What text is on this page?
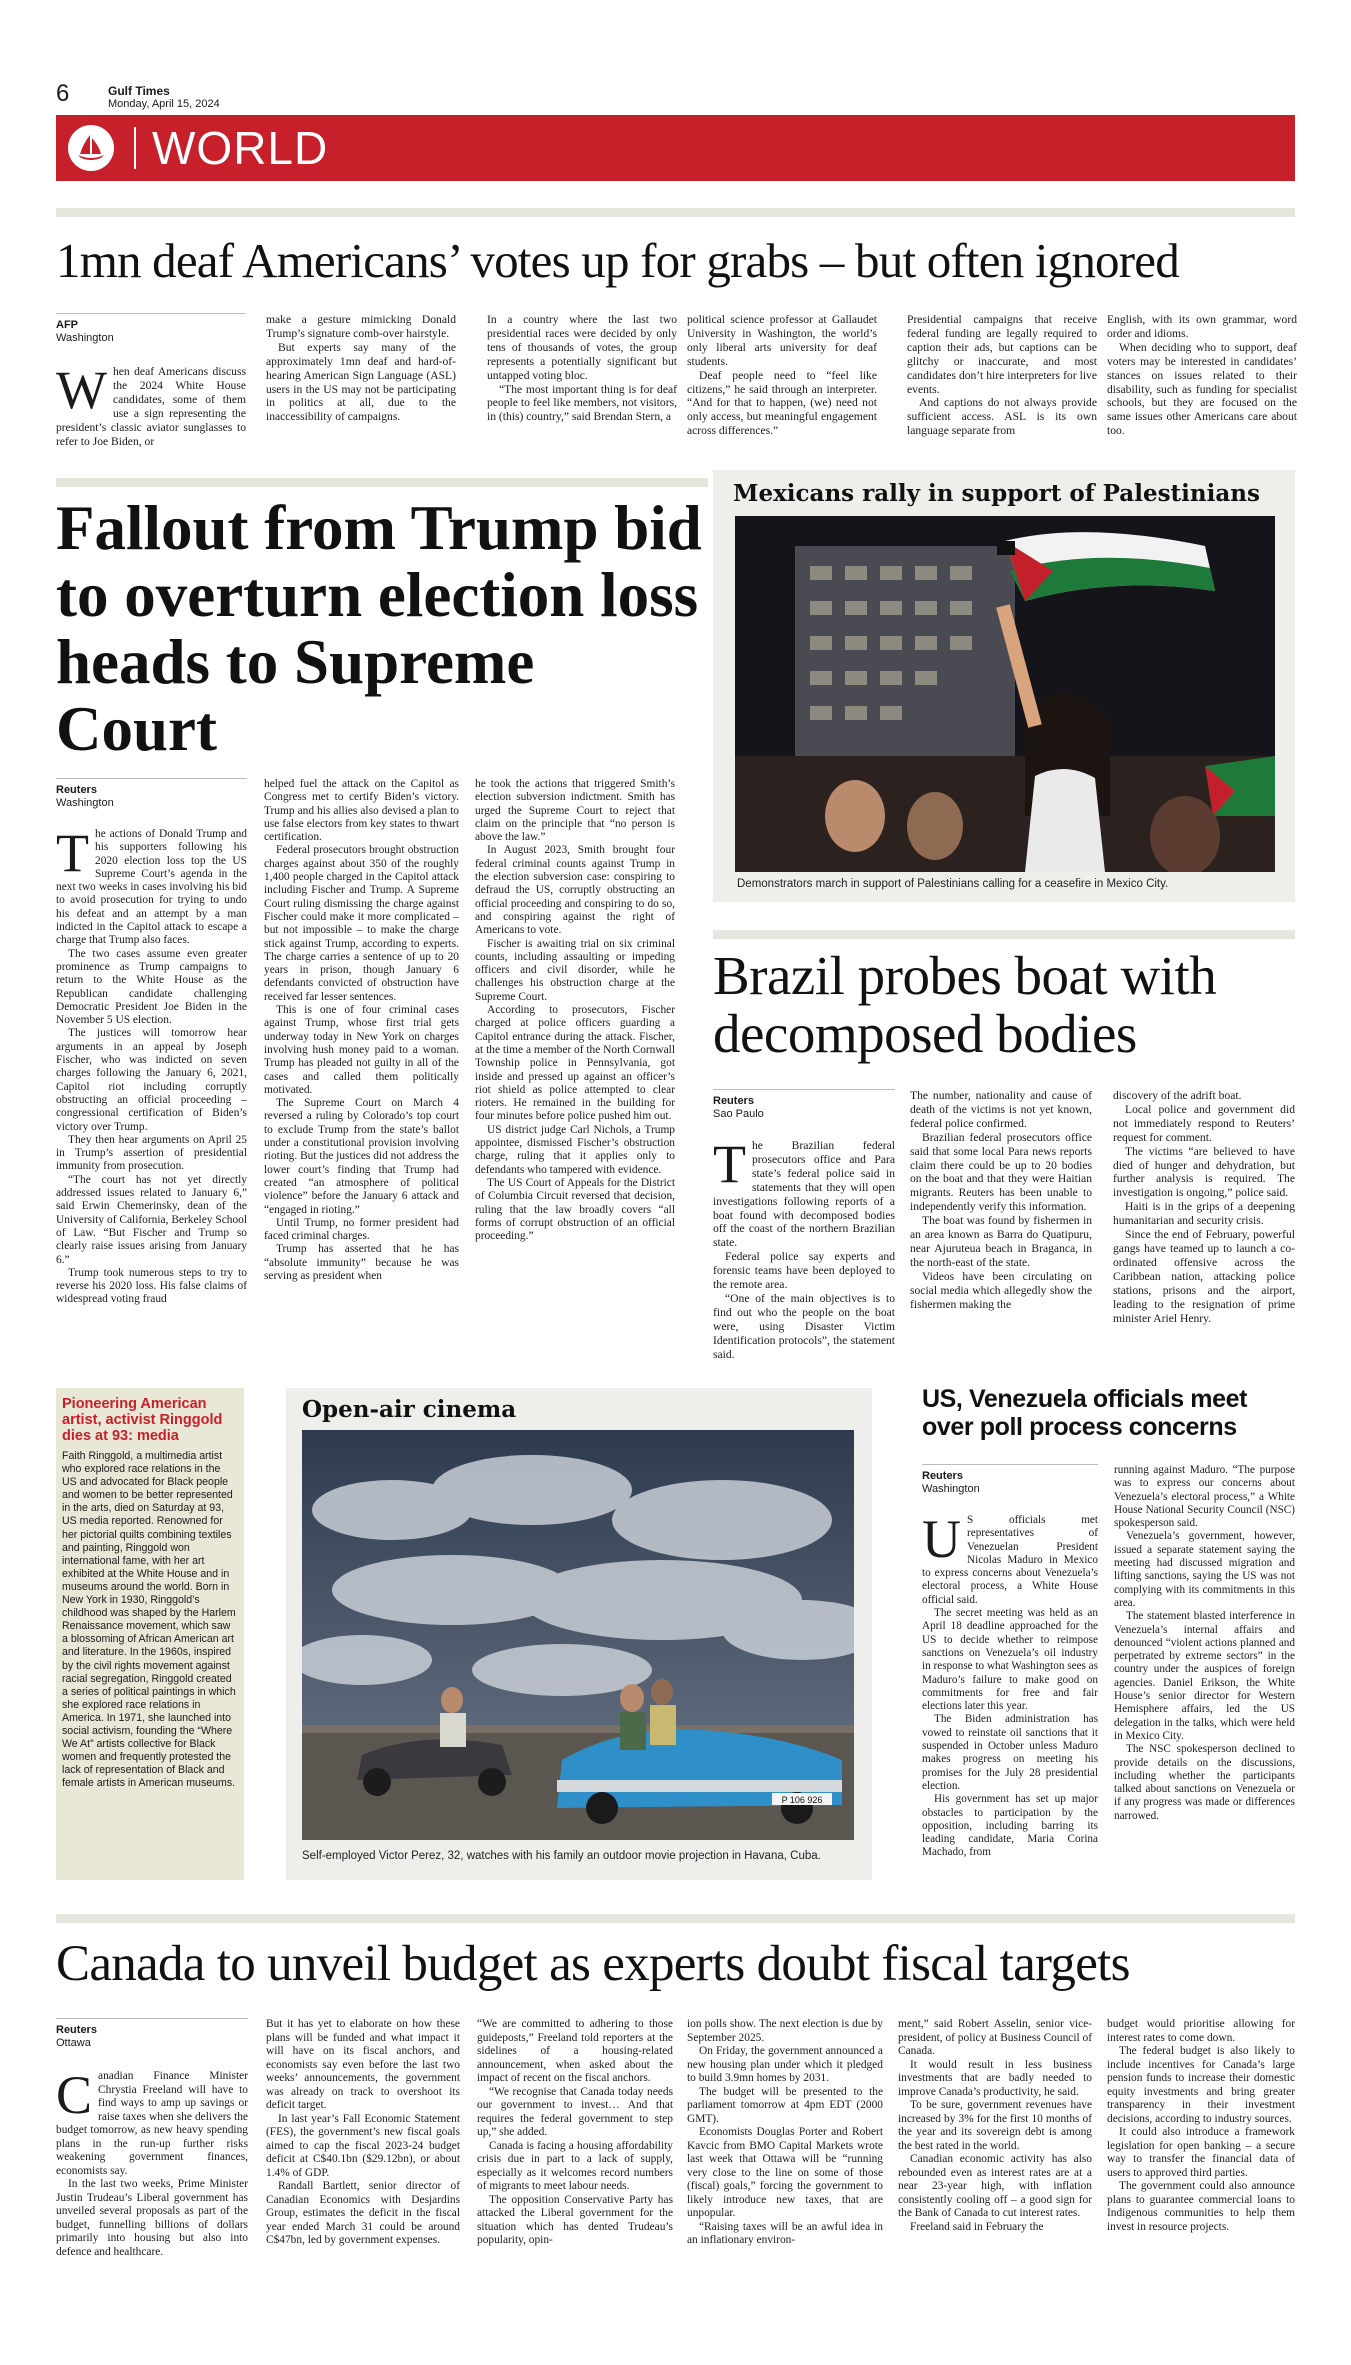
6	Gulf Times
Monday, April 15, 2024
WORLD
1mn deaf Americans’ votes up for grabs – but often ignored
AFP
Washington
W hen deaf Americans discuss the 2024 White House candidates, some of them use a sign representing the president’s classic aviator sunglasses to refer to Joe Biden, or

make a gesture mimicking Donald Trump’s signature comb-over hairstyle.

But experts say many of the approximately 1mn deaf and hard-of-hearing American Sign Language (ASL) users in the US may not be participating in politics at all, due to the inaccessibility of campaigns.

In a country where the last two presidential races were decided by only tens of thousands of votes, the group represents a potentially significant but untapped voting bloc.

“The most important thing is for deaf people to feel like members, not visitors, in (this) country,” said Brendan Stern, a

political science professor at Gallaudet University in Washington, the world’s only liberal arts university for deaf students.

Deaf people need to “feel like citizens,” he said through an interpreter. “And for that to happen, (we) need not only access, but meaningful engagement across differences.”

Presidential campaigns that receive federal funding are legally required to caption their ads, but captions can be glitchy or inaccurate, and most candidates don’t hire interpreters for live events.

And captions do not always provide sufficient access. ASL is its own language separate from

English, with its own grammar, word order and idioms.

When deciding who to support, deaf voters may be interested in candidates’ stances on issues related to their disability, such as funding for specialist schools, but they are focused on the same issues other Americans care about too.

Fallout from Trump bid to overturn election loss heads to Supreme Court
Reuters
Washington
T he actions of Donald Trump and his supporters following his 2020 election loss top the US Supreme Court’s agenda in the next two weeks in cases involving his bid to avoid prosecution for trying to undo his defeat and an attempt by a man indicted in the Capitol attack to escape a charge that Trump also faces.

The two cases assume even greater prominence as Trump campaigns to return to the White House as the Republican candidate challenging Democratic President Joe Biden in the November 5 US election.

The justices will tomorrow hear arguments in an appeal by Joseph Fischer, who was indicted on seven charges following the January 6, 2021, Capitol riot including corruptly obstructing an official proceeding – congressional certification of Biden’s victory over Trump.

They then hear arguments on April 25 in Trump’s assertion of presidential immunity from prosecution.

“The court has not yet directly addressed issues related to January 6,” said Erwin Chemerinsky, dean of the University of California, Berkeley School of Law. “But Fischer and Trump so clearly raise issues arising from January 6.”

Trump took numerous steps to try to reverse his 2020 loss. His false claims of widespread voting fraud

helped fuel the attack on the Capitol as Congress met to certify Biden’s victory. Trump and his allies also devised a plan to use false electors from key states to thwart certification.

Federal prosecutors brought obstruction charges against about 350 of the roughly 1,400 people charged in the Capitol attack including Fischer and Trump. A Supreme Court ruling dismissing the charge against Fischer could make it more complicated – but not impossible – to make the charge stick against Trump, according to experts. The charge carries a sentence of up to 20 years in prison, though January 6 defendants convicted of obstruction have received far lesser sentences.

This is one of four criminal cases against Trump, whose first trial gets underway today in New York on charges involving hush money paid to a woman. Trump has pleaded not guilty in all of the cases and called them politically motivated.

The Supreme Court on March 4 reversed a ruling by Colorado’s top court to exclude Trump from the state’s ballot under a constitutional provision involving rioting. But the justices did not address the lower court’s finding that Trump had created “an atmosphere of political violence” before the January 6 attack and “engaged in rioting.”

Until Trump, no former president had faced criminal charges.

Trump has asserted that he has “absolute immunity” because he was serving as president when

he took the actions that triggered Smith’s election subversion indictment. Smith has urged the Supreme Court to reject that claim on the principle that “no person is above the law.”

In August 2023, Smith brought four federal criminal counts against Trump in the election subversion case: conspiring to defraud the US, corruptly obstructing an official proceeding and conspiring to do so, and conspiring against the right of Americans to vote.

Fischer is awaiting trial on six criminal counts, including assaulting or impeding officers and civil disorder, while he challenges his obstruction charge at the Supreme Court.

According to prosecutors, Fischer charged at police officers guarding a Capitol entrance during the attack. Fischer, at the time a member of the North Cornwall Township police in Pennsylvania, got inside and pressed up against an officer’s riot shield as police attempted to clear rioters. He remained in the building for four minutes before police pushed him out.

US district judge Carl Nichols, a Trump appointee, dismissed Fischer’s obstruction charge, ruling that it applies only to defendants who tampered with evidence.

The US Court of Appeals for the District of Columbia Circuit reversed that decision, ruling that the law broadly covers “all forms of corrupt obstruction of an official proceeding.”

Mexicans rally in support of Palestinians
Demonstrators march in support of Palestinians calling for a ceasefire in Mexico City.
Brazil probes boat with decomposed bodies
Reuters
Sao Paulo
T he Brazilian federal prosecutors office and Para state’s federal police said in statements that they will open investigations following reports of a boat found with decomposed bodies off the coast of the northern Brazilian state.

Federal police say experts and forensic teams have been deployed to the remote area.

“One of the main objectives is to find out who the people on the boat were, using Disaster Victim Identification protocols”, the statement said.

The number, nationality and cause of death of the victims is not yet known, federal police confirmed.

Brazilian federal prosecutors office said that some local Para news reports claim there could be up to 20 bodies on the boat and that they were Haitian migrants. Reuters has been unable to independently verify this information.

The boat was found by fishermen in an area known as Barra do Quatipuru, near Ajuruteua beach in Braganca, in the north-east of the state.

Videos have been circulating on social media which allegedly show the fishermen making the

discovery of the adrift boat.

Local police and government did not immediately respond to Reuters’ request for comment.

The victims “are believed to have died of hunger and dehydration, but further analysis is required. The investigation is ongoing,” police said.

Haiti is in the grips of a deepening humanitarian and security crisis.

Since the end of February, powerful gangs have teamed up to launch a co-ordinated offensive across the Caribbean nation, attacking police stations, prisons and the airport, leading to the resignation of prime minister Ariel Henry.

Pioneering American artist, activist Ringgold dies at 93: media
Faith Ringgold, a multimedia artist who explored race relations in the US and advocated for Black people and women to be better represented in the arts, died on Saturday at 93, US media reported. Renowned for her pictorial quilts combining textiles and painting, Ringgold won international fame, with her art exhibited at the White House and in museums around the world. Born in New York in 1930, Ringgold’s childhood was shaped by the Harlem Renaissance movement, which saw a blossoming of African American art and literature. In the 1960s, inspired by the civil rights movement against racial segregation, Ringgold created a series of political paintings in which she explored race relations in America. In 1971, she launched into social activism, founding the “Where We At” artists collective for Black women and frequently protested the lack of representation of Black and female artists in American museums.
Open-air cinema
P 106 926
Self-employed Victor Perez, 32, watches with his family an outdoor movie projection in Havana, Cuba.
US, Venezuela officials meet over poll process concerns
Reuters
Washington
U S officials met representatives of Venezuelan President Nicolas Maduro in Mexico to express concerns about Venezuela’s electoral process, a White House official said.

The secret meeting was held as an April 18 deadline approached for the US to decide whether to reimpose sanctions on Venezuela’s oil industry in response to what Washington sees as Maduro’s failure to make good on commitments for free and fair elections later this year.

The Biden administration has vowed to reinstate oil sanctions that it suspended in October unless Maduro makes progress on meeting his promises for the July 28 presidential election.

His government has set up major obstacles to participation by the opposition, including barring its leading candidate, Maria Corina Machado, from

running against Maduro. “The purpose was to express our concerns about Venezuela’s electoral process,” a White House National Security Council (NSC) spokesperson said.

Venezuela’s government, however, issued a separate statement saying the meeting had discussed migration and lifting sanctions, saying the US was not complying with its commitments in this area.

The statement blasted interference in Venezuela’s internal affairs and denounced “violent actions planned and perpetrated by extreme sectors” in the country under the auspices of foreign agencies. Daniel Erikson, the White House’s senior director for Western Hemisphere affairs, led the US delegation in the talks, which were held in Mexico City.

The NSC spokesperson declined to provide details on the discussions, including whether the participants talked about sanctions on Venezuela or if any progress was made or differences narrowed.

Canada to unveil budget as experts doubt fiscal targets
Reuters
Ottawa
C anadian Finance Minister Chrystia Freeland will have to find ways to amp up savings or raise taxes when she delivers the budget tomorrow, as new heavy spending plans in the run-up further risks weakening government finances, economists say.

In the last two weeks, Prime Minister Justin Trudeau’s Liberal government has unveiled several proposals as part of the budget, funnelling billions of dollars primarily into housing but also into defence and healthcare.

But it has yet to elaborate on how these plans will be funded and what impact it will have on its fiscal anchors, and economists say even before the last two weeks’ announcements, the government was already on track to overshoot its deficit target.

In last year’s Fall Economic Statement (FES), the government’s new fiscal goals aimed to cap the fiscal 2023-24 budget deficit at C$40.1bn ($29.12bn), or about 1.4% of GDP.

Randall Bartlett, senior director of Canadian Economics with Desjardins Group, estimates the deficit in the fiscal year ended March 31 could be around C$47bn, led by government expenses.

“We are committed to adhering to those guideposts,” Freeland told reporters at the sidelines of a housing-related announcement, when asked about the impact of recent on the fiscal anchors.

“We recognise that Canada today needs our government to invest… And that requires the federal government to step up,” she added.

Canada is facing a housing affordability crisis due in part to a lack of supply, especially as it welcomes record numbers of migrants to meet labour needs.

The opposition Conservative Party has attacked the Liberal government for the situation which has dented Trudeau’s popularity, opin-

ion polls show. The next election is due by September 2025.

On Friday, the government announced a new housing plan under which it pledged to build 3.9mn homes by 2031.

The budget will be presented to the parliament tomorrow at 4pm EDT (2000 GMT).

Economists Douglas Porter and Robert Kavcic from BMO Capital Markets wrote last week that Ottawa will be “running very close to the line on some of those (fiscal) goals,” forcing the government to likely introduce new taxes, that are unpopular.

“Raising taxes will be an awful idea in an inflationary environ-

ment,” said Robert Asselin, senior vice-president, of policy at Business Council of Canada.

It would result in less business investments that are badly needed to improve Canada’s productivity, he said.

To be sure, government revenues have increased by 3% for the first 10 months of the year and its sovereign debt is among the best rated in the world.

Canadian economic activity has also rebounded even as interest rates are at a near 23-year high, with inflation consistently cooling off – a good sign for the Bank of Canada to cut interest rates.

Freeland said in February the

budget would prioritise allowing for interest rates to come down.

The federal budget is also likely to include incentives for Canada’s large pension funds to increase their domestic equity investments and bring greater transparency in their investment decisions, according to industry sources.

It could also introduce a framework legislation for open banking – a secure way to transfer the financial data of users to approved third parties.

The government could also announce plans to guarantee commercial loans to Indigenous communities to help them invest in resource projects.
